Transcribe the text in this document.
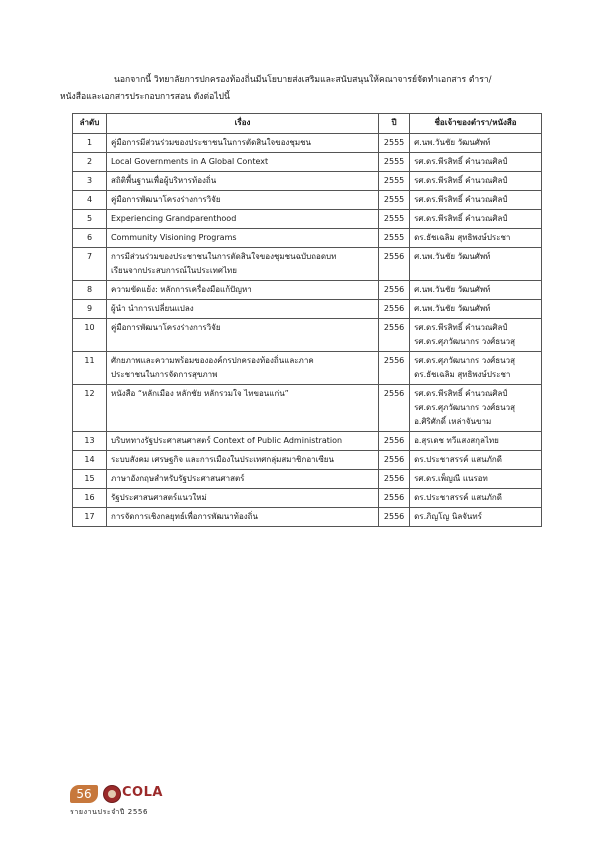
นอกจากนี้ วิทยาลัยการปกครองท้องถิ่นมีนโยบายส่งเสริมและสนับสนุนให้คณาจารย์จัดทำเอกสาร ตำรา/
หนังสือและเอกสารประกอบการสอน ดังต่อไปนี้
ลำดับ	เรื่อง	ปี	ชื่อเจ้าของตำรา/หนังสือ
1	คู่มือการมีส่วนร่วมของประชาชนในการตัดสินใจของชุมชน	2555	ศ.นพ.วันชัย วัฒนศัพท์

2	Local Governments in A Global Context	2555	รศ.ดร.พีรสิทธิ์ คำนวณศิลป์

3	สถิติพื้นฐานเพื่อผู้บริหารท้องถิ่น	2555	รศ.ดร.พีรสิทธิ์ คำนวณศิลป์

4	คู่มือการพัฒนาโครงร่างการวิจัย	2555	รศ.ดร.พีรสิทธิ์ คำนวณศิลป์

5	Experiencing Grandparenthood	2555	รศ.ดร.พีรสิทธิ์ คำนวณศิลป์

6	Community Visioning Programs	2555	ดร.ธัชเฉลิม สุทธิพงษ์ประชา

7	การมีส่วนร่วมของประชาชนในการตัดสินใจของชุมชนฉบับถอดบท
เรียนจากประสบการณ์ในประเทศไทย	2556	ศ.นพ.วันชัย วัฒนศัพท์

8	ความขัดแย้ง: หลักการเครื่องมือแก้ปัญหา	2556	ศ.นพ.วันชัย วัฒนศัพท์

9	ผู้นำ นำการเปลี่ยนแปลง	2556	ศ.นพ.วันชัย วัฒนศัพท์

10	คู่มือการพัฒนาโครงร่างการวิจัย	2556	รศ.ดร.พีรสิทธิ์ คำนวณศิลป์
รศ.ดร.ศุภวัฒนากร วงศ์ธนวสุ

11	ศักยภาพและความพร้อมขององค์กรปกครองท้องถิ่นและภาค
ประชาชนในการจัดการสุขภาพ	2556	รศ.ดร.ศุภวัฒนากร วงศ์ธนวสุ
ดร.ธัชเฉลิม สุทธิพงษ์ประชา

12	หนังสือ “หลักเมือง หลักชัย หลักรวมใจ ไทขอนแก่น”	2556	รศ.ดร.พีรสิทธิ์ คำนวณศิลป์
รศ.ดร.ศุภวัฒนากร วงศ์ธนวสุ
อ.ศิริศักดิ์ เหล่าจันขาม

13	บริบททางรัฐประศาสนศาสตร์ Context of Public Administration	2556	อ.สุรเดช ทวีแสงสกุลไทย

14	ระบบสังคม เศรษฐกิจ และการเมืองในประเทศกลุ่มสมาชิกอาเซียน	2556	ดร.ประชาสรรค์ แสนภักดี

15	ภาษาอังกฤษสำหรับรัฐประศาสนศาสตร์	2556	รศ.ดร.เพ็ญณี แนรอท

16	รัฐประศาสนศาสตร์แนวใหม่	2556	ดร.ประชาสรรค์ แสนภักดี

17	การจัดการเชิงกลยุทธ์เพื่อการพัฒนาท้องถิ่น	2556	ดร.ภิญโญ นิลจันทร์
56	COLA
รายงานประจำปี 2556
